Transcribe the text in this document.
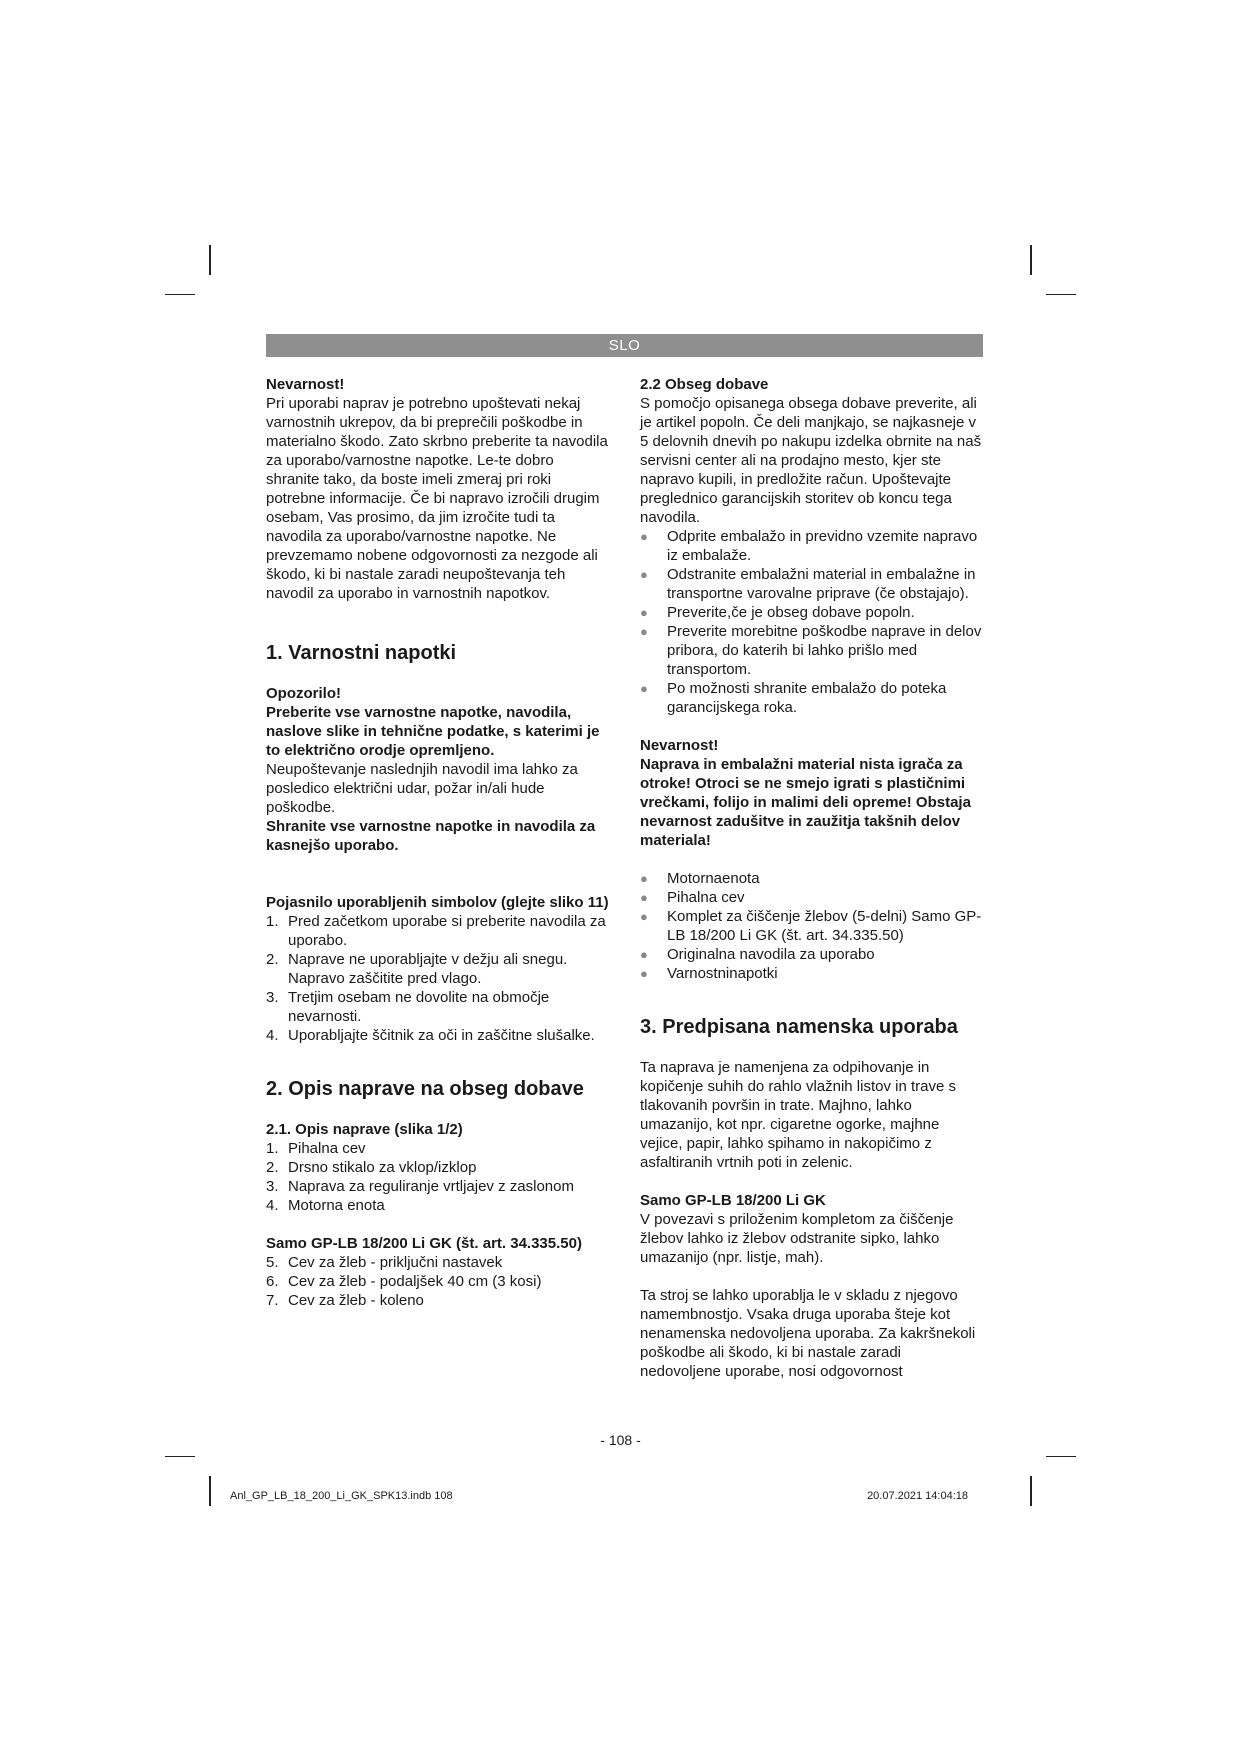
SLO

Nevarnost!

Pri uporabi naprav je potrebno upoštevati nekaj varnostnih ukrepov, da bi preprečili poškodbe in materialno škodo. Zato skrbno preberite ta navodila za uporabo/varnostne napotke. Le-te dobro shranite tako, da boste imeli zmeraj pri roki potrebne informacije. Če bi napravo izročili drugim osebam, Vas prosimo, da jim izročite tudi ta navodila za uporabo/varnostne napotke. Ne prevzemamo nobene odgovornosti za nezgode ali škodo, ki bi nastale zaradi neupoštevanja teh navodil za uporabo in varnostnih napotkov.

1. Varnostni napotki

Opozorilo!

Preberite vse varnostne napotke, navodila, naslove slike in tehnične podatke, s katerimi je to električno orodje opremljeno.

Neupoštevanje naslednjih navodil ima lahko za posledico električni udar, požar in/ali hude poškodbe.

Shranite vse varnostne napotke in navodila za kasnejšo uporabo.

Pojasnilo uporabljenih simbolov (glejte sliko 11)

1. Pred začetkom uporabe si preberite navodila za uporabo.
2. Naprave ne uporabljajte v dežju ali snegu. Napravo zaščitite pred vlago.
3. Tretjim osebam ne dovolite na območje nevarnosti.
4. Uporabljajte ščitnik za oči in zaščitne slušalke.
2. Opis naprave na obseg dobave

2.1. Opis naprave (slika 1/2)

1. Pihalna cev
2. Drsno stikalo za vklop/izklop
3. Naprava za reguliranje vrtljajev z zaslonom
4. Motorna enota

Samo GP-LB 18/200 Li GK (št. art. 34.335.50)

5. Cev za žleb - priključni nastavek
6. Cev za žleb - podaljšek 40 cm (3 kosi)
7. Cev za žleb - koleno

2.2 Obseg dobave

S pomočjo opisanega obsega dobave preverite, ali je artikel popoln. Če deli manjkajo, se najkasneje v 5 delovnih dnevih po nakupu izdelka obrnite na naš servisni center ali na prodajno mesto, kjer ste napravo kupili, in predložite račun. Upoštevajte preglednico garancijskih storitev ob koncu tega navodila.

● Odprite embalažo in previdno vzemite napravo iz embalaže.
● Odstranite embalažni material in embalažne in transportne varovalne priprave (če obstajajo).
● Preverite,če je obseg dobave popoln.
● Preverite morebitne poškodbe naprave in delov pribora, do katerih bi lahko prišlo med transportom.
● Po možnosti shranite embalažo do poteka garancijskega roka.

Nevarnost!

Naprava in embalažni material nista igrača za otroke! Otroci se ne smejo igrati s plastičnimi vrečkami, folijo in malimi deli opreme! Obstaja nevarnost zadušitve in zaužitja takšnih delov materiala!

● Motornaenota
● Pihalna cev
● Komplet za čiščenje žlebov (5-delni) Samo GP-LB 18/200 Li GK (št. art. 34.335.50)
● Originalna navodila za uporabo
● Varnostninapotki
3. Predpisana namenska uporaba

Ta naprava je namenjena za odpihovanje in kopičenje suhih do rahlo vlažnih listov in trave s tlakovanih površin in trate. Majhno, lahko umazanijo, kot npr. cigaretne ogorke, majhne vejice, papir, lahko spihamo in nakopičimo z asfaltiranih vrtnih poti in zelenic.

Samo GP-LB 18/200 Li GK

V povezavi s priloženim kompletom za čiščenje žlebov lahko iz žlebov odstranite sipko, lahko umazanijo (npr. listje, mah).

Ta stroj se lahko uporablja le v skladu z njegovo namembnostjo. Vsaka druga uporaba šteje kot nenamenska nedovoljena uporaba. Za kakršnekoli poškodbe ali škodo, ki bi nastale zaradi nedovoljene uporabe, nosi odgovornost

- 108 -
Anl_GP_LB_18_200_Li_GK_SPK13.indb 108	20.07.2021 14:04:18
